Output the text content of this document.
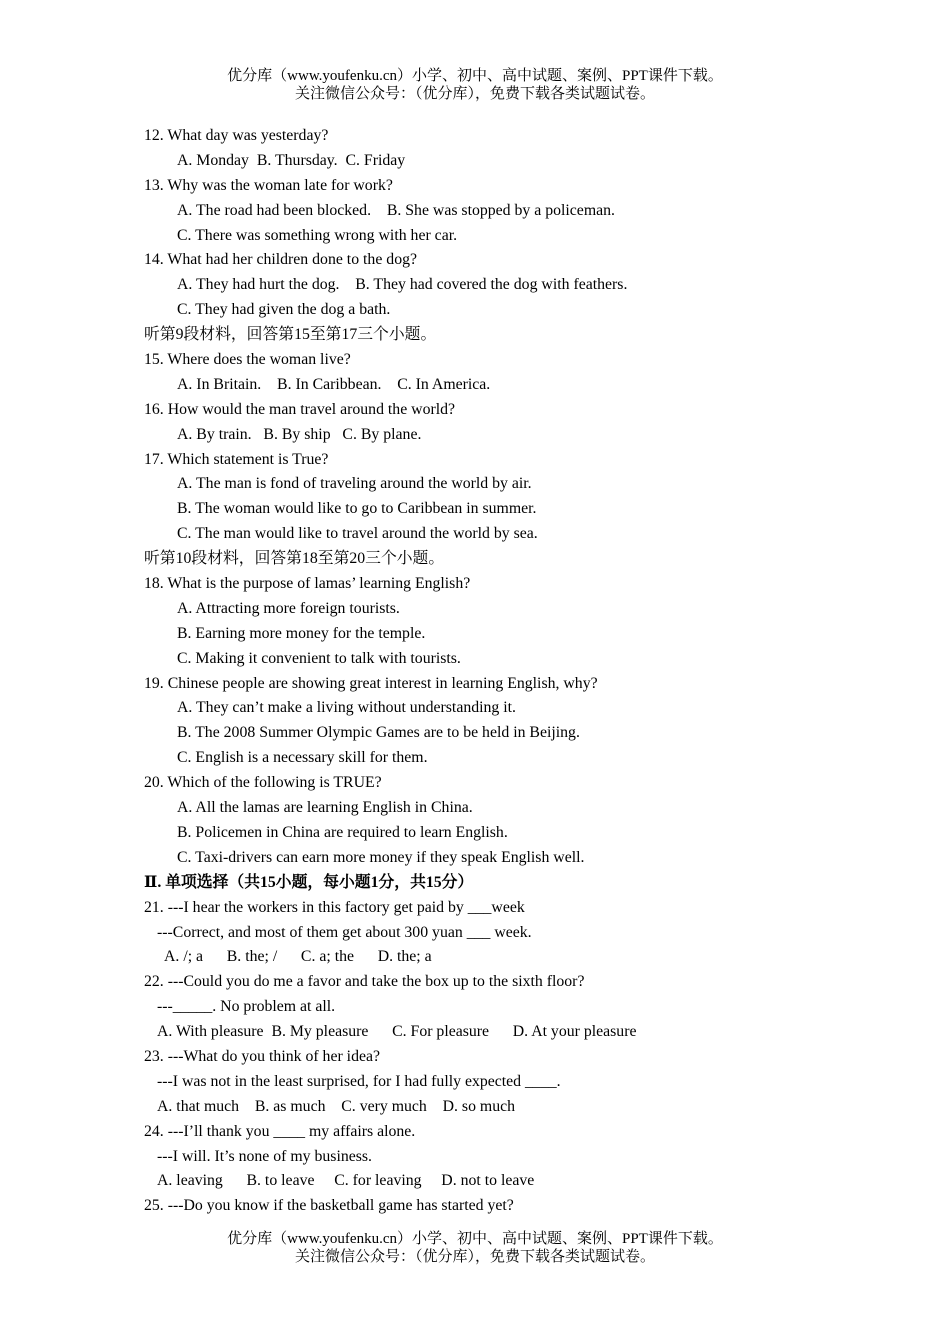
优分库（www.youfenku.cn）小学、初中、高中试题、案例、PPT课件下载。
关注微信公众号：（优分库），免费下载各类试题试卷。
12. What day was yesterday?
A. Monday  B. Thursday.  C. Friday
13. Why was the woman late for work?
A. The road had been blocked.    B. She was stopped by a policeman.
C. There was something wrong with her car.
14. What had her children done to the dog?
A. They had hurt the dog.    B. They had covered the dog with feathers.
C. They had given the dog a bath.
听第9段材料，回答第15至第17三个小题。
15. Where does the woman live?
A. In Britain.    B. In Caribbean.    C. In America.
16. How would the man travel around the world?
A. By train.   B. By ship   C. By plane.
17. Which statement is True?
A. The man is fond of traveling around the world by air.
B. The woman would like to go to Caribbean in summer.
C. The man would like to travel around the world by sea.
听第10段材料，回答第18至第20三个小题。
18. What is the purpose of lamas’ learning English?
A. Attracting more foreign tourists.
B. Earning more money for the temple.
C. Making it convenient to talk with tourists.
19. Chinese people are showing great interest in learning English, why?
A. They can’t make a living without understanding it.
B. The 2008 Summer Olympic Games are to be held in Beijing.
C. English is a necessary skill for them.
20. Which of the following is TRUE?
A. All the lamas are learning English in China.
B. Policemen in China are required to learn English.
C. Taxi-drivers can earn more money if they speak English well.
Ⅱ. 单项选择（共15小题，每小题1分，共15分）
21. ---I hear the workers in this factory get paid by ___week
---Correct, and most of them get about 300 yuan ___ week.
A. /; a      B. the; /      C. a; the      D. the; a
22. ---Could you do me a favor and take the box up to the sixth floor?
---_____. No problem at all.
A. With pleasure  B. My pleasure      C. For pleasure      D. At your pleasure
23. ---What do you think of her idea?
---I was not in the least surprised, for I had fully expected ____.
A. that much    B. as much    C. very much    D. so much
24. ---I’ll thank you ____ my affairs alone.
---I will. It’s none of my business.
A. leaving      B. to leave     C. for leaving     D. not to leave
25. ---Do you know if the basketball game has started yet?
优分库（www.youfenku.cn）小学、初中、高中试题、案例、PPT课件下载。
关注微信公众号：（优分库），免费下载各类试题试卷。
